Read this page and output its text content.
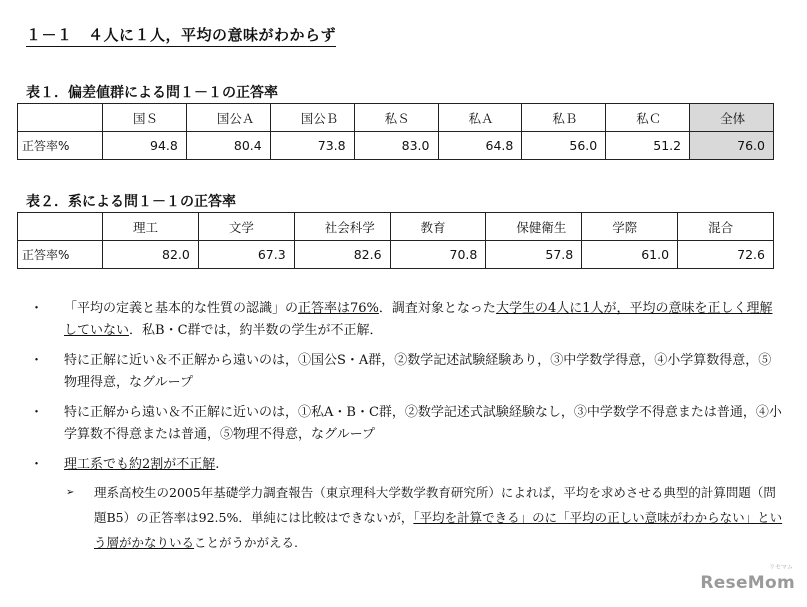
１－１　４人に１人，平均の意味がわからず
表１．偏差値群による問１－１の正答率
	国Ｓ	国公Ａ	国公Ｂ	私Ｓ	私Ａ	私Ｂ	私Ｃ	全体
正答率%	94.8	80.4	73.8	83.0	64.8	56.0	51.2	76.0
表２．系による問１－１の正答率
	理工	文学	社会科学	教育	保健衛生	学際	混合
正答率%	82.0	67.3	82.6	70.8	57.8	61.0	72.6
・ 「平均の定義と基本的な性質の認識」の正答率は76%．調査対象となった大学生の4人に1人が，平均の意味を正しく理解していない．私B・C群では，約半数の学生が不正解．
・ 特に正解に近い＆不正解から遠いのは，①国公S・A群，②数学記述試験経験あり，③中学数学得意，④小学算数得意，⑤物理得意，なグループ
・ 特に正解から遠い＆不正解に近いのは，①私A・B・C群，②数学記述式試験経験なし，③中学数学不得意または普通，④小学算数不得意または普通，⑤物理不得意，なグループ
・ 理工系でも約2割が不正解.
➢ 理系高校生の2005年基礎学力調査報告（東京理科大学数学教育研究所）によれば，平均を求めさせる典型的計算問題（問題B5）の正答率は92.5%．単純には比較はできないが，「平均を計算できる」のに「平均の正しい意味がわからない」という層がかなりいることがうかがえる.
リセマム
ReseMom
